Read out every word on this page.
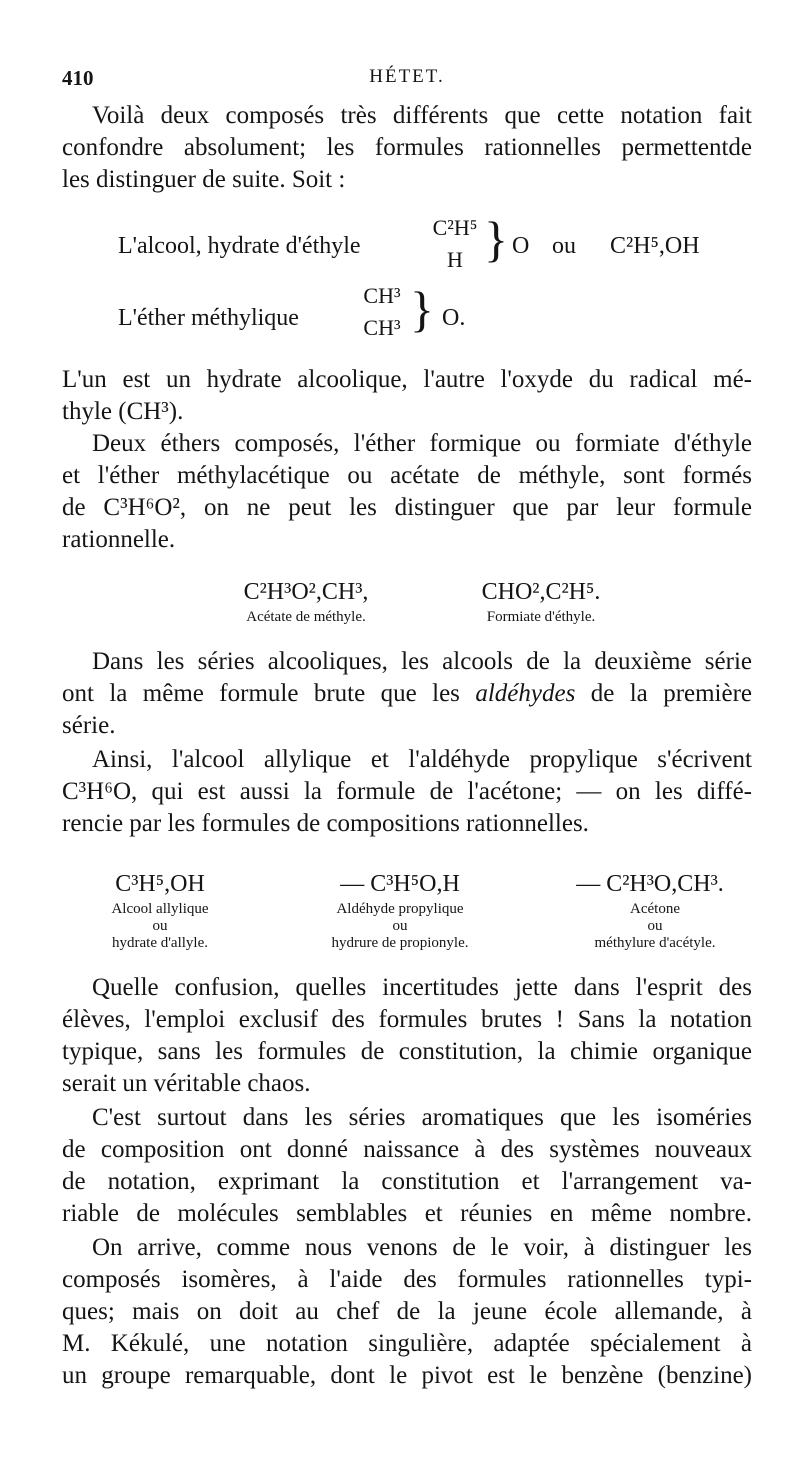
410	HÉTET.
Voilà deux composés très différents que cette notation fait
confondre absolument; les formules rationnelles permettentde
les distinguer de suite. Soit :
L'alcool, hydrate d'éthyle
C²H⁵
H } O ou C²H⁵,OH
L'éther méthylique
CH³
CH³ } O.
L'un est un hydrate alcoolique, l'autre l'oxyde du radical mé-
thyle (CH³).
Deux éthers composés, l'éther formique ou formiate d'éthyle
et l'éther méthylacétique ou acétate de méthyle, sont formés
de C³H⁶O², on ne peut les distinguer que par leur formule
rationnelle.
C²H³O²,CH³,
Acétate de méthyle.
CHO²,C²H⁵.
Formiate d'éthyle.
Dans les séries alcooliques, les alcools de la deuxième série
ont la même formule brute que les aldéhydes de la première
série.
Ainsi, l'alcool allylique et l'aldéhyde propylique s'écrivent
C³H⁶O, qui est aussi la formule de l'acétone; — on les diffé-
rencie par les formules de compositions rationnelles.
C³H⁵,OH
Alcool allylique
ou
hydrate d'allyle.
— C³H⁵O,H
Aldéhyde propylique
ou
hydrure de propionyle.
— C²H³O,CH³.
Acétone
ou
méthylure d'acétyle.
Quelle confusion, quelles incertitudes jette dans l'esprit des
élèves, l'emploi exclusif des formules brutes ! Sans la notation
typique, sans les formules de constitution, la chimie organique
serait un véritable chaos.
C'est surtout dans les séries aromatiques que les isoméries
de composition ont donné naissance à des systèmes nouveaux
de notation, exprimant la constitution et l'arrangement va-
riable de molécules semblables et réunies en même nombre.
On arrive, comme nous venons de le voir, à distinguer les
composés isomères, à l'aide des formules rationnelles typi-
ques; mais on doit au chef de la jeune école allemande, à
M. Kékulé, une notation singulière, adaptée spécialement à
un groupe remarquable, dont le pivot est le benzène (benzine)
